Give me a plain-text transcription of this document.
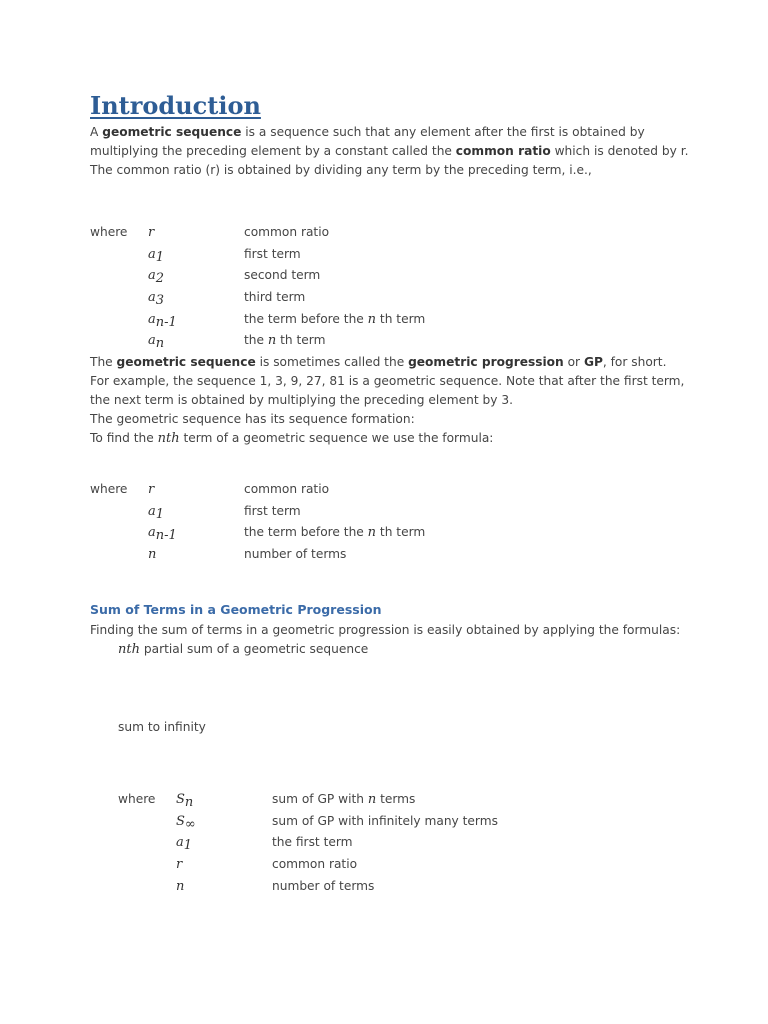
Introduction
A geometric sequence is a sequence such that any element after the first is obtained by
multiplying the preceding element by a constant called the common ratio which is denoted by r.
The common ratio (r) is obtained by dividing any term by the preceding term, i.e.,
where r
$a_1$
$a_2$
$a_3$
$a_{n-1}$
$a_n$
common ratio
first term
second term
third term
the term before the n th term
the n th term
The geometric sequence is sometimes called the geometric progression or GP, for short.
For example, the sequence 1, 3, 9, 27, 81 is a geometric sequence. Note that after the first term,
the next term is obtained by multiplying the preceding element by 3.
The geometric sequence has its sequence formation:
To find the nth term of a geometric sequence we use the formula:
where r
$a_1$
$a_{n-1}$
n
common ratio
first term
the term before the n th term
number of terms
Sum of Terms in a Geometric Progression
Finding the sum of terms in a geometric progression is easily obtained by applying the formulas:
nth partial sum of a geometric sequence
sum to infinity
where $S_n$
$S_\infty$
$a_1$
r
n
sum of GP with n terms
sum of GP with infinitely many terms
the first term
common ratio
number of terms
